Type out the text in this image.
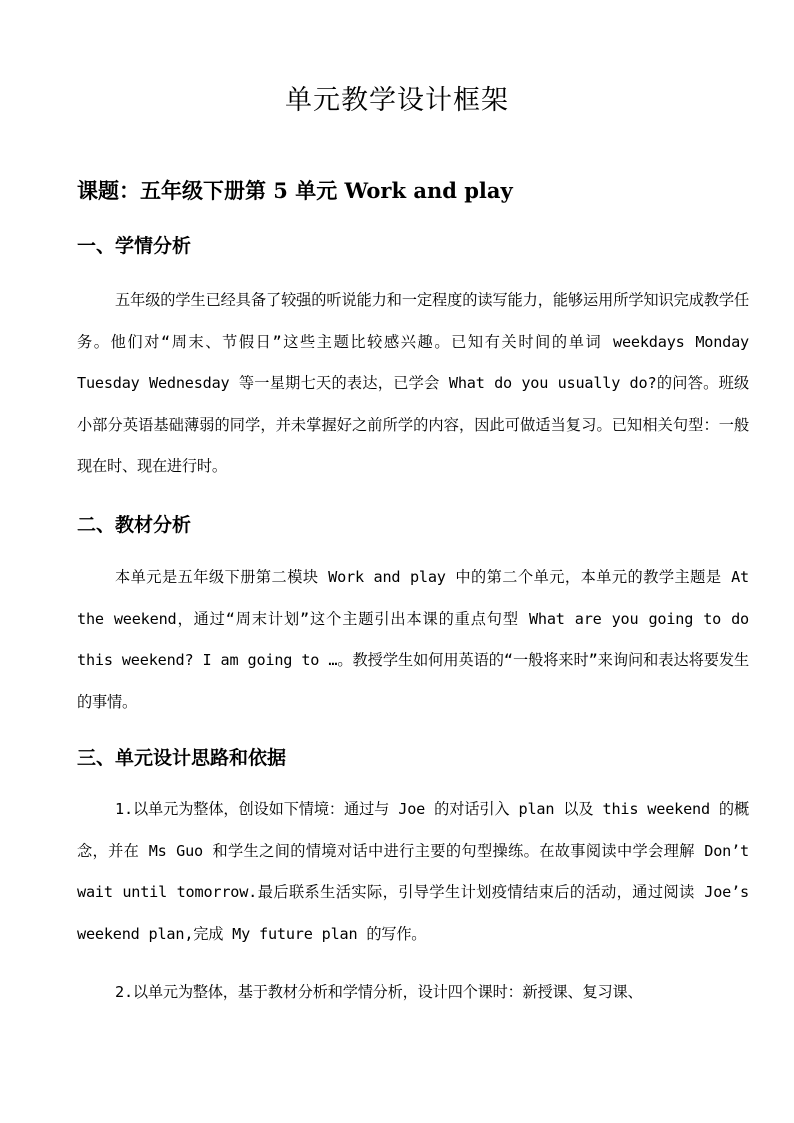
单元教学设计框架
课题：五年级下册第 5 单元 Work and play
一、学情分析
五年级的学生已经具备了较强的听说能力和一定程度的读写能力，能够运用所学知识完成教学任务。他们对“周末、节假日”这些主题比较感兴趣。已知有关时间的单词 weekdays Monday Tuesday Wednesday 等一星期七天的表达，已学会 What do you usually do?的问答。班级小部分英语基础薄弱的同学，并未掌握好之前所学的内容，因此可做适当复习。已知相关句型：一般现在时、现在进行时。
二、教材分析
本单元是五年级下册第二模块 Work and play 中的第二个单元，本单元的教学主题是 At the weekend，通过“周末计划”这个主题引出本课的重点句型 What are you going to do this weekend? I am going to …。教授学生如何用英语的“一般将来时”来询问和表达将要发生的事情。
三、单元设计思路和依据
1.以单元为整体，创设如下情境：通过与 Joe 的对话引入 plan 以及 this weekend 的概念，并在 Ms Guo 和学生之间的情境对话中进行主要的句型操练。在故事阅读中学会理解 Don’t wait until tomorrow.最后联系生活实际，引导学生计划疫情结束后的活动，通过阅读 Joe’s weekend plan,完成 My future plan 的写作。
2.以单元为整体，基于教材分析和学情分析，设计四个课时：新授课、复习课、
